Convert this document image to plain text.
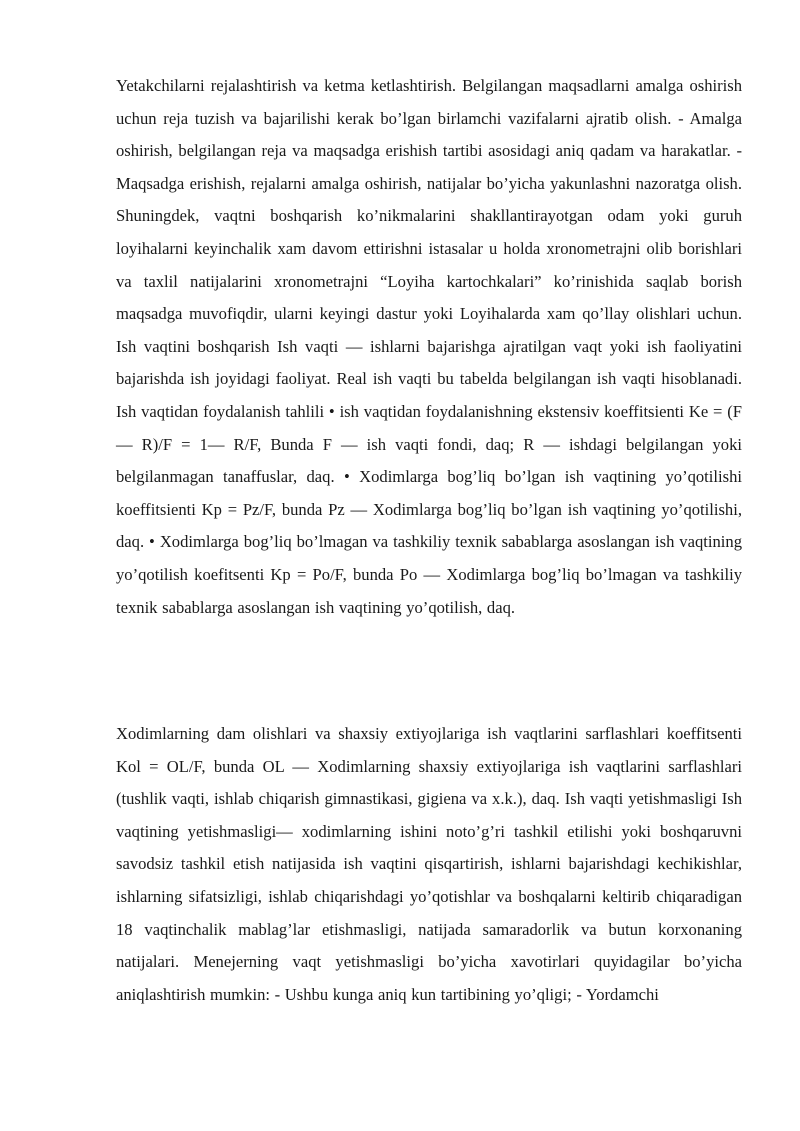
Yetakchilarni rejalashtirish va ketma ketlashtirish. Belgilangan maqsadlarni amalga oshirish uchun reja tuzish va bajarilishi kerak bo’lgan birlamchi vazifalarni ajratib olish. - Amalga oshirish, belgilangan reja va maqsadga erishish tartibi asosidagi aniq qadam va harakatlar. - Maqsadga erishish, rejalarni amalga oshirish, natijalar bo’yicha yakunlashni nazoratga olish. Shuningdek, vaqtni boshqarish ko’nikmalarini shakllantirayotgan odam yoki guruh loyihalarni keyinchalik xam davom ettirishni istasalar u holda xronometrajni olib borishlari va taxlil natijalarini xronometrajni “Loyiha kartochkalari” ko’rinishida saqlab borish maqsadga muvofiqdir, ularni keyingi dastur yoki Loyihalarda xam qo’llay olishlari uchun. Ish vaqtini boshqarish Ish vaqti — ishlarni bajarishga ajratilgan vaqt yoki ish faoliyatini bajarishda ish joyidagi faoliyat. Real ish vaqti bu tabelda belgilangan ish vaqti hisoblanadi. Ish vaqtidan foydalanish tahlili • ish vaqtidan foydalanishning ekstensiv koeffitsienti Ke = (F — R)/F = 1— R/F, Bunda F — ish vaqti fondi, daq; R — ishdagi belgilangan yoki belgilanmagan tanaffuslar, daq. • Xodimlarga bog’liq bo’lgan ish vaqtining yo’qotilishi koeffitsienti Kp = Pz/F, bunda Pz — Xodimlarga bog’liq bo’lgan ish vaqtining yo’qotilishi, daq. • Xodimlarga bog’liq bo’lmagan va tashkiliy texnik sabablarga asoslangan ish vaqtining yo’qotilish koefitsenti Kp = Po/F, bunda Po — Xodimlarga bog’liq bo’lmagan va tashkiliy texnik sabablarga asoslangan ish vaqtining yo’qotilish, daq.

Xodimlarning dam olishlari va shaxsiy extiyojlariga ish vaqtlarini sarflashlari koeffitsenti Kol = OL/F, bunda OL — Xodimlarning shaxsiy extiyojlariga ish vaqtlarini sarflashlari (tushlik vaqti, ishlab chiqarish gimnastikasi, gigiena va x.k.), daq. Ish vaqti yetishmasligi Ish vaqtining yetishmasligi— xodimlarning ishini noto’g’ri tashkil etilishi yoki boshqaruvni savodsiz tashkil etish natijasida ish vaqtini qisqartirish, ishlarni bajarishdagi kechikishlar, ishlarning sifatsizligi, ishlab chiqarishdagi yo’qotishlar va boshqalarni keltirib chiqaradigan 18 vaqtinchalik mablag’lar etishmasligi, natijada samaradorlik va butun korxonaning natijalari. Menejerning vaqt yetishmasligi bo’yicha xavotirlari quyidagilar bo’yicha aniqlashtirish mumkin: - Ushbu kunga aniq kun tartibining yo’qligi; - Yordamchi
